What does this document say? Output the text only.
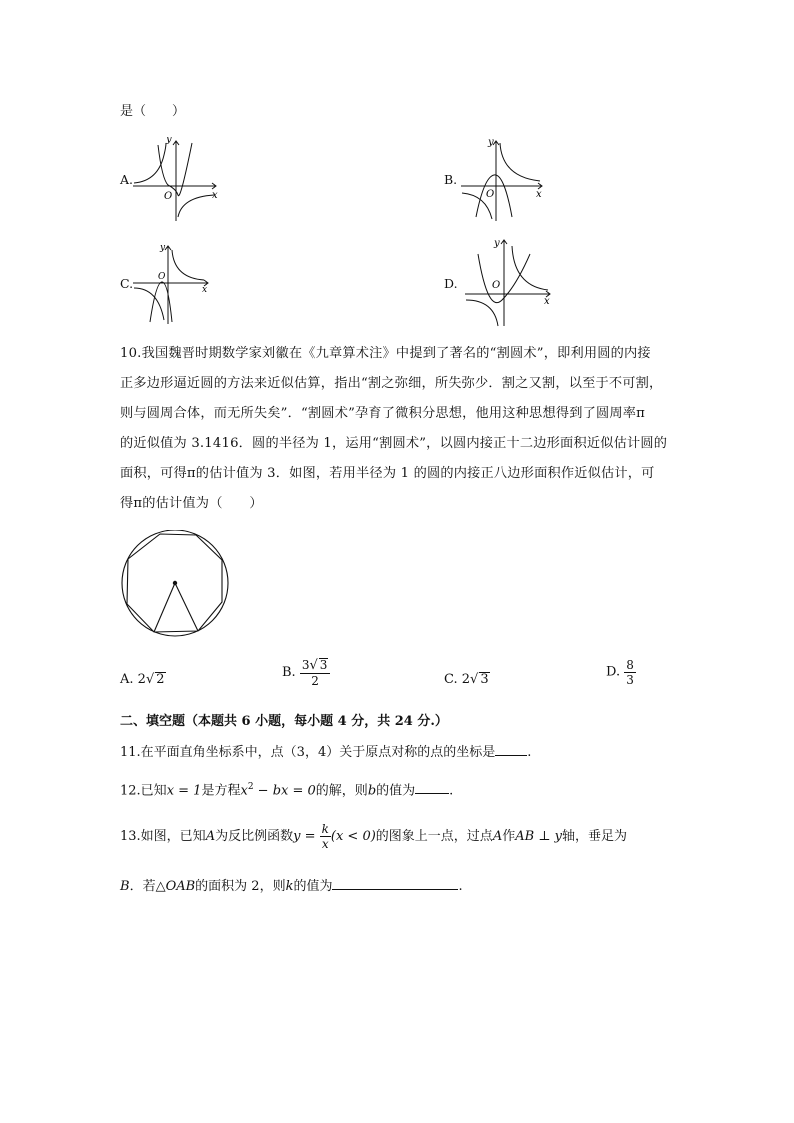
是（　　）
A.
y
O	x
B.
y
O	x
C.
y
O
x	D.
y
O
x
10.我国魏晋时期数学家刘徽在《九章算术注》中提到了著名的“割圆术”，即利用圆的内接
正多边形逼近圆的方法来近似估算，指出“割之弥细，所失弥少．割之又割，以至于不可割，
则与圆周合体，而无所失矣”．“割圆术”孕育了微积分思想，他用这种思想得到了圆周率π
的近似值为 3.1416．圆的半径为 1，运用“割圆术”，以圆内接正十二边形面积近似估计圆的
面积，可得π的估计值为 3．如图，若用半径为 1 的圆的内接正八边形面积作近似估计，可
得π的估计值为（　　）
A. 2√ 2	B. $\frac{3√ 3}{2}$	C. 2√ 3	D. $\frac{8}{3}$
二、填空题（本题共 6 小题，每小题 4 分，共 24 分.）
11.在平面直角坐标系中，点（3，4）关于原点对称的点的坐标是 .
12.已知x = 1是方程$x^2$ − bx = 0的解，则b的值为	.
13.如图，已知A为反比例函数$y = \frac{k}{x} (x < 0)$的图象上一点，过点A作AB ⊥ y轴，垂足为
B．若△OAB的面积为 2，则k的值为	.
